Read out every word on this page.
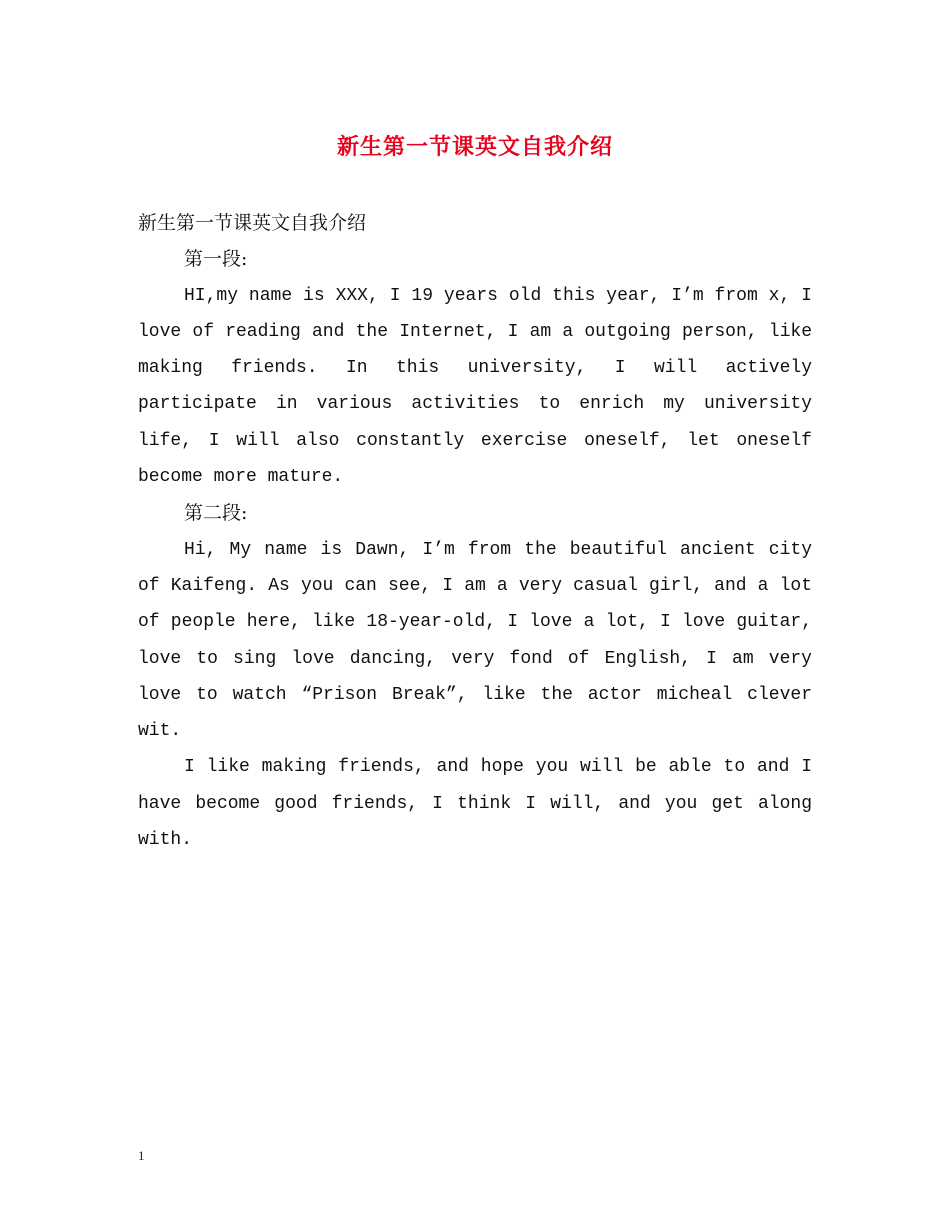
新生第一节课英文自我介绍

新生第一节课英文自我介绍

第一段:

HI,my name is XXX, I 19 years old this year, I’m from x, I love of reading and the Internet, I am a outgoing person, like making friends. In this university, I will actively participate in various activities to enrich my university life, I will also constantly exercise oneself, let oneself become more mature.

第二段:

Hi, My name is Dawn, I’m from the beautiful ancient city of Kaifeng. As you can see, I am a very casual girl, and a lot of people here, like 18-year-old, I love a lot, I love guitar, love to sing love dancing, very fond of English, I am very love to watch “Prison Break”, like the actor micheal clever wit.

I like making friends, and hope you will be able to and I have become good friends, I think I will, and you get along with.

1
